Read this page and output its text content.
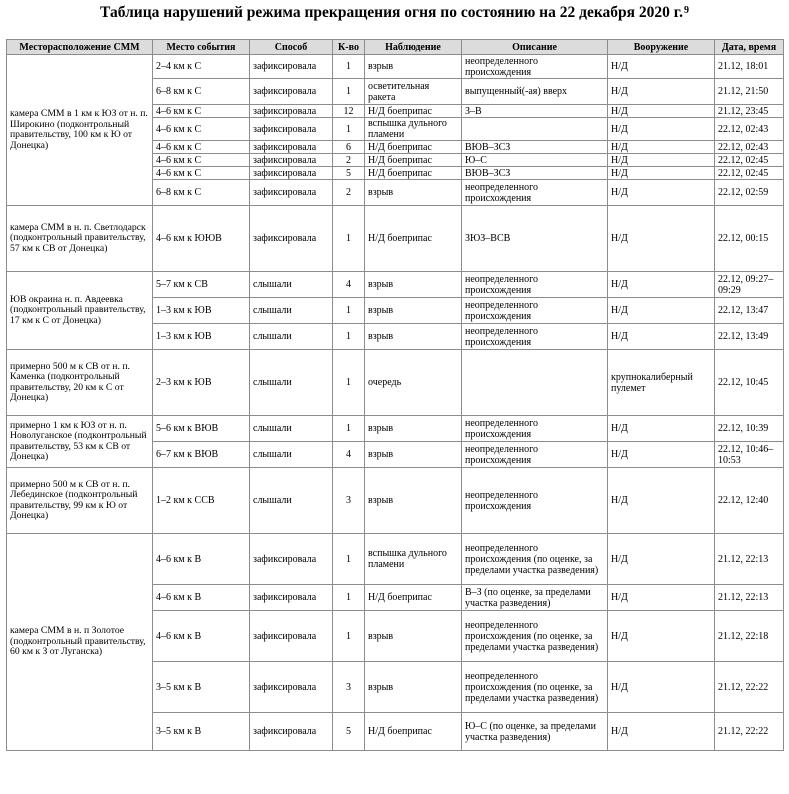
Таблица нарушений режима прекращения огня по состоянию на 22 декабря 2020 г.$^9$
Месторасположение СММ	Место события	Способ	К-во	Наблюдение	Описание	Вооружение	Дата, время
камера СММ в 1 км к ЮЗ от н. п. Широкино (подконтрольный правительству, 100 км к Ю от Донецка)	2–4 км к С	зафиксировала	1	взрыв	неопределенного происхождения	Н/Д	21.12, 18:01
	6–8 км к С	зафиксировала	1	осветительная ракета	выпущенный(-ая) вверх	Н/Д	21.12, 21:50
	4–6 км к С	зафиксировала	12	Н/Д боеприпас	З–В	Н/Д	21.12, 23:45
	4–6 км к С	зафиксировала	1	вспышка дульного пламени		Н/Д	22.12, 02:43
	4–6 км к С	зафиксировала	6	Н/Д боеприпас	ВЮВ–ЗСЗ	Н/Д	22.12, 02:43
	4–6 км к С	зафиксировала	2	Н/Д боеприпас	Ю–С	Н/Д	22.12, 02:45
	4–6 км к С	зафиксировала	5	Н/Д боеприпас	ВЮВ–ЗСЗ	Н/Д	22.12, 02:45
	6–8 км к С	зафиксировала	2	взрыв	неопределенного происхождения	Н/Д	22.12, 02:59
камера СММ в н. п. Светлодарск (подконтрольный правительству, 57 км к СВ от Донецка)	4–6 км к ЮЮВ	зафиксировала	1	Н/Д боеприпас	ЗЮЗ–ВСВ	Н/Д	22.12, 00:15
ЮВ окраина н. п. Авдеевка (подконтрольный правительству, 17 км к С от Донецка)	5–7 км к СВ	слышали	4	взрыв	неопределенного происхождения	Н/Д	22.12, 09:27–09:29
	1–3 км к ЮВ	слышали	1	взрыв	неопределенного происхождения	Н/Д	22.12, 13:47
	1–3 км к ЮВ	слышали	1	взрыв	неопределенного происхождения	Н/Д	22.12, 13:49
примерно 500 м к СВ от н. п. Каменка (подконтрольный правительству, 20 км к С от Донецка)	2–3 км к ЮВ	слышали	1	очередь		крупнокалиберный пулемет	22.12, 10:45
примерно 1 км к ЮЗ от н. п. Новолуганское (подконтрольный правительству, 53 км к СВ от Донецка)	5–6 км к ВЮВ	слышали	1	взрыв	неопределенного происхождения	Н/Д	22.12, 10:39
	6–7 км к ВЮВ	слышали	4	взрыв	неопределенного происхождения	Н/Д	22.12, 10:46–10:53
примерно 500 м к СВ от н. п. Лебединское (подконтрольный правительству, 99 км к Ю от Донецка)	1–2 км к ССВ	слышали	3	взрыв	неопределенного происхождения	Н/Д	22.12, 12:40
камера СММ в н. п Золотое (подконтрольный правительству, 60 км к З от Луганска)	4–6 км к В	зафиксировала	1	вспышка дульного пламени	неопределенного происхождения (по оценке, за пределами участка разведения)	Н/Д	21.12, 22:13
	4–6 км к В	зафиксировала	1	Н/Д боеприпас	В–З (по оценке, за пределами участка разведения)	Н/Д	21.12, 22:13
	4–6 км к В	зафиксировала	1	взрыв	неопределенного происхождения (по оценке, за пределами участка разведения)	Н/Д	21.12, 22:18
	3–5 км к В	зафиксировала	3	взрыв	неопределенного происхождения (по оценке, за пределами участка разведения)	Н/Д	21.12, 22:22
	3–5 км к В	зафиксировала	5	Н/Д боеприпас	Ю–С (по оценке, за пределами участка разведения)	Н/Д	21.12, 22:22
